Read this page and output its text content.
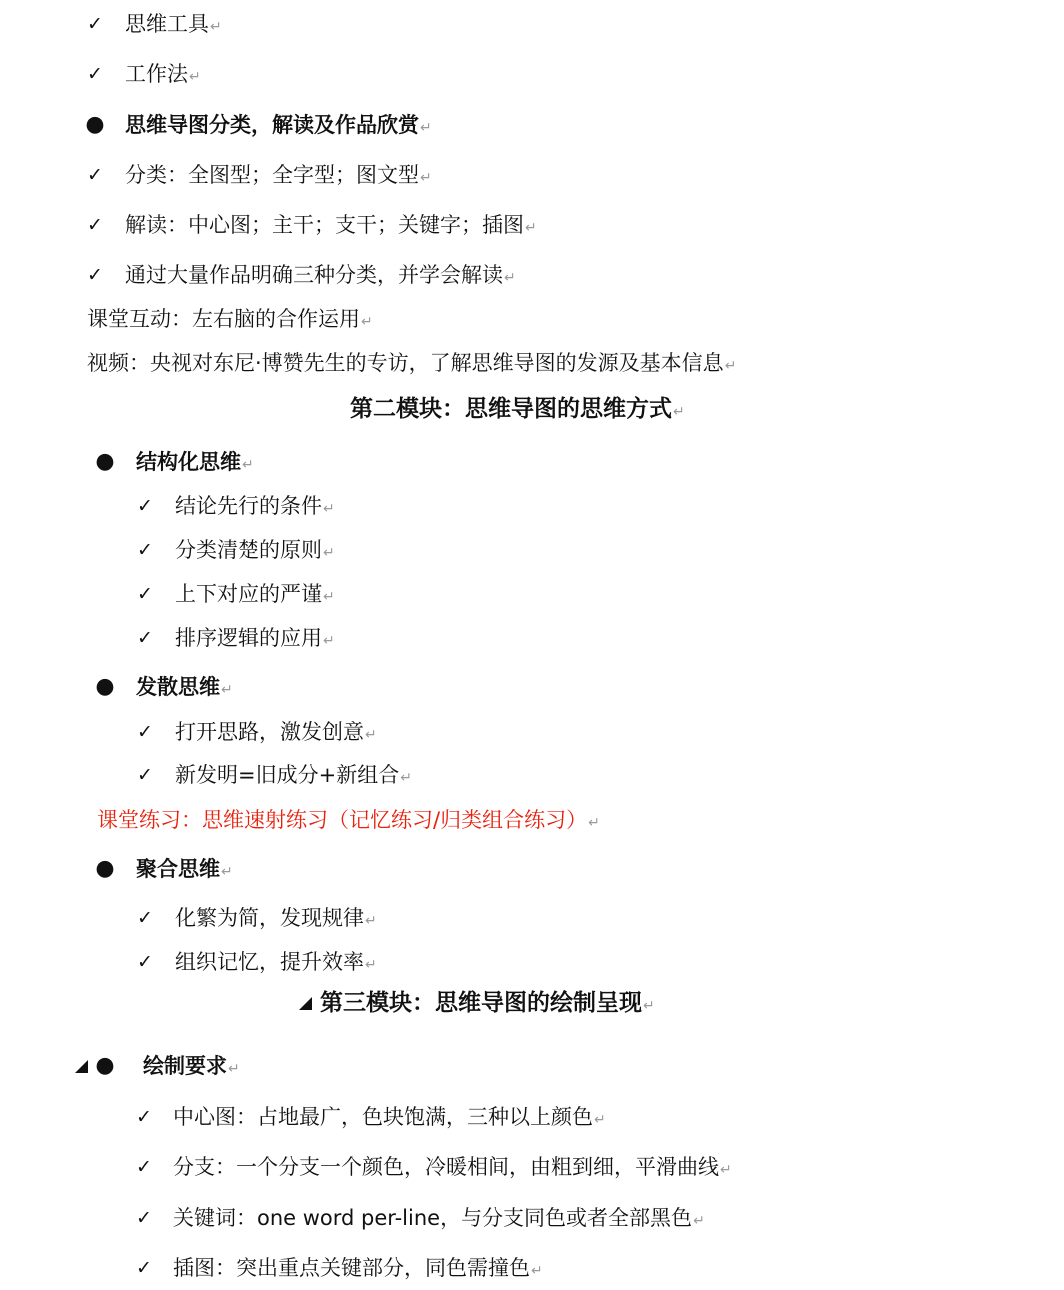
✓ 思维工具↵
✓ 工作法↵
● 思维导图分类，解读及作品欣赏↵
✓ 分类：全图型；全字型；图文型↵
✓ 解读：中心图；主干；支干；关键字；插图↵
✓ 通过大量作品明确三种分类，并学会解读↵
课堂互动：左右脑的合作运用↵
视频：央视对东尼·博赞先生的专访，了解思维导图的发源及基本信息↵
第二模块：思维导图的思维方式↵
● 结构化思维↵
✓ 结论先行的条件↵
✓ 分类清楚的原则↵
✓ 上下对应的严谨↵
✓ 排序逻辑的应用↵
● 发散思维↵
✓ 打开思路，激发创意↵
✓ 新发明=旧成分+新组合↵
课堂练习：思维速射练习（记忆练习/归类组合练习）↵
● 聚合思维↵
✓ 化繁为简，发现规律↵
✓ 组织记忆，提升效率↵
第三模块：思维导图的绘制呈现↵
● 绘制要求↵
✓ 中心图：占地最广，色块饱满，三种以上颜色↵
✓ 分支：一个分支一个颜色，冷暖相间，由粗到细，平滑曲线↵
✓ 关键词：one word per-line，与分支同色或者全部黑色↵
✓ 插图：突出重点关键部分，同色需撞色↵
